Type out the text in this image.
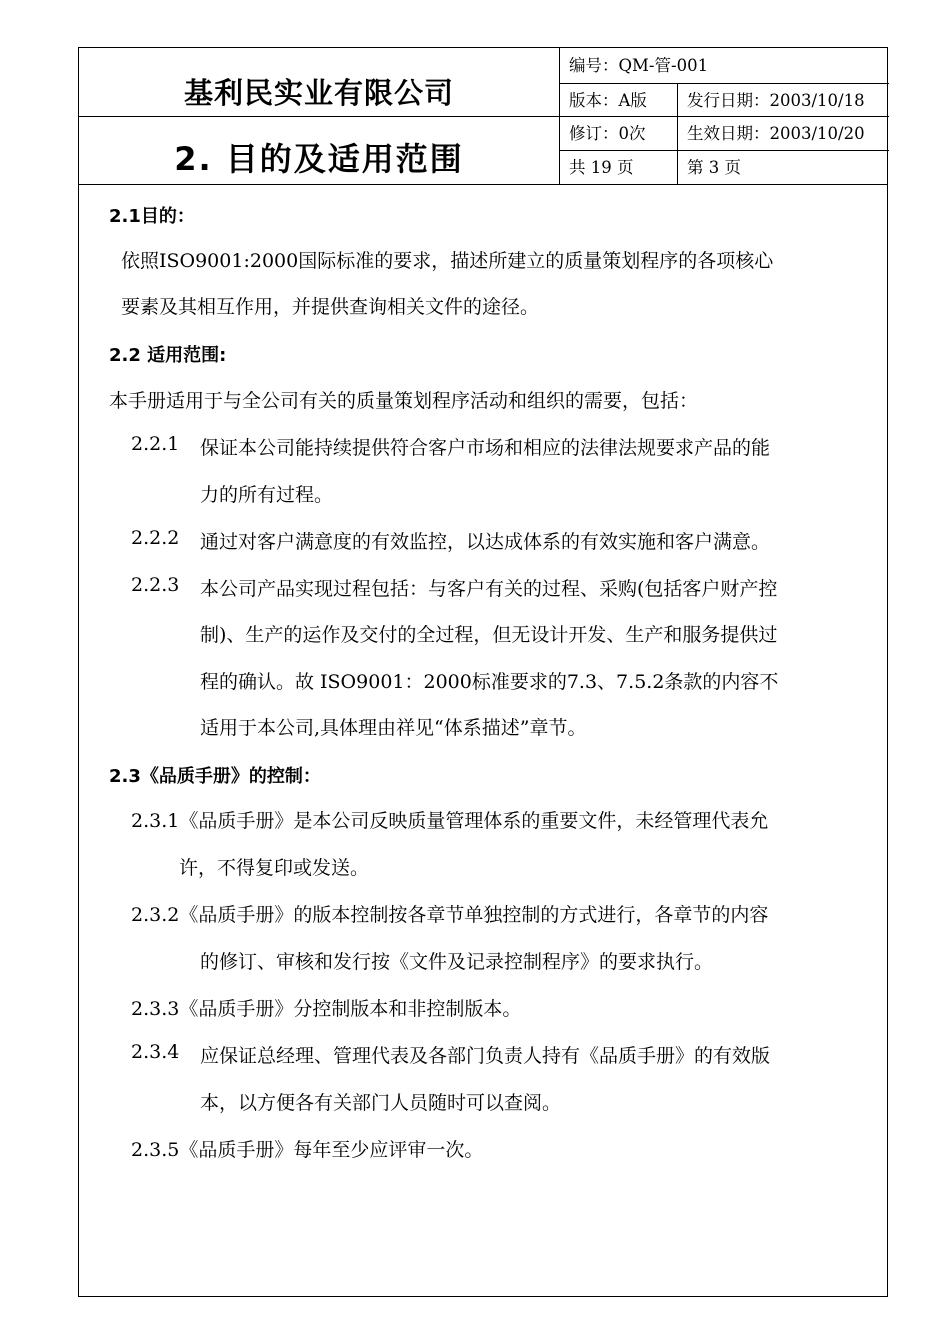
基利民实业有限公司
2. 目的及适用范围
编号：QM-管-001
版本：A版 发行日期：2003/10/18
修订：0次	生效日期：2003/10/20
共 19 页	第 3 页
2.1目的：
依照ISO9001:2000国际标准的要求，描述所建立的质量策划程序的各项核心
要素及其相互作用，并提供查询相关文件的途径。
2.2 适用范围:
本手册适用于与全公司有关的质量策划程序活动和组织的需要，包括：
2.2.1 保证本公司能持续提供符合客户市场和相应的法律法规要求产品的能
力的所有过程。
2.2.2 通过对客户满意度的有效监控，以达成体系的有效实施和客户满意。
2.2.3 本公司产品实现过程包括：与客户有关的过程、采购(包括客户财产控
制)、生产的运作及交付的全过程，但无设计开发、生产和服务提供过
程的确认。故 ISO9001：2000标准要求的7.3、7.5.2条款的内容不
适用于本公司,具体理由祥见“体系描述”章节。
2.3《品质手册》的控制：
2.3.1《品质手册》是本公司反映质量管理体系的重要文件，未经管理代表允
许，不得复印或发送。
2.3.2《品质手册》的版本控制按各章节单独控制的方式进行，各章节的内容
的修订、审核和发行按《文件及记录控制程序》的要求执行。
2.3.3《品质手册》分控制版本和非控制版本。
2.3.4 应保证总经理、管理代表及各部门负责人持有《品质手册》的有效版
本，以方便各有关部门人员随时可以查阅。
2.3.5《品质手册》每年至少应评审一次。
